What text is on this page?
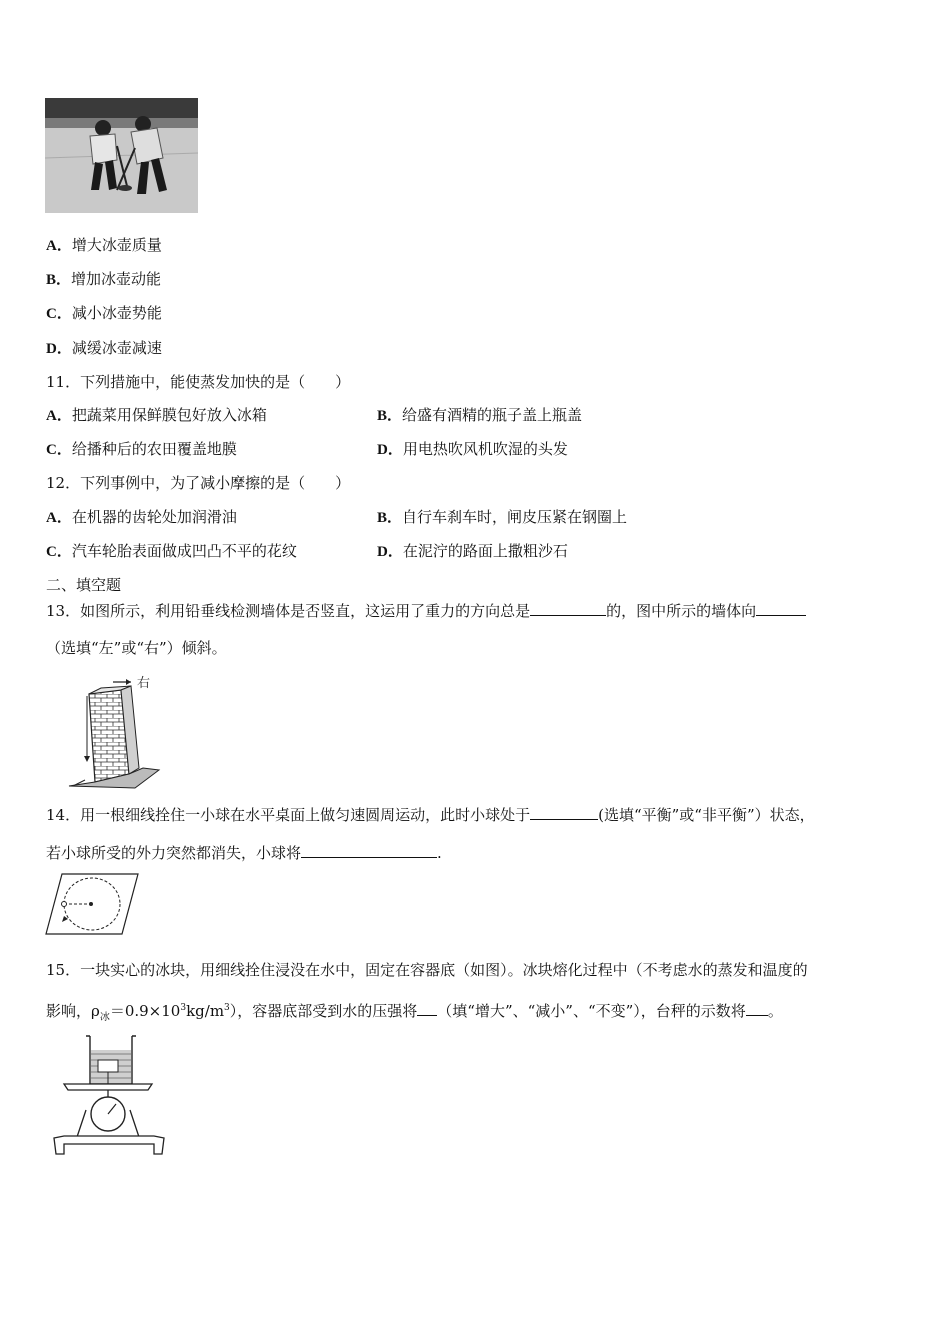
A．增大冰壶质量
B．增加冰壶动能
C．减小冰壶势能
D．减缓冰壶减速
11．下列措施中，能使蒸发加快的是（　　）
A．把蔬菜用保鲜膜包好放入冰箱	B．给盛有酒精的瓶子盖上瓶盖
C．给播种后的农田覆盖地膜	D．用电热吹风机吹湿的头发
12．下列事例中，为了减小摩擦的是（　　）
A．在机器的齿轮处加润滑油	B．自行车刹车时，闸皮压紧在钢圈上
C．汽车轮胎表面做成凹凸不平的花纹	D．在泥泞的路面上撒粗沙石
二、填空题
13．如图所示，利用铅垂线检测墙体是否竖直，这运用了重力的方向总是	的，图中所示的墙体向
（选填“左”或“右”）倾斜。
右
14．用一根细线拴住一小球在水平桌面上做匀速圆周运动，此时小球处于	(选填“平衡”或“非平衡”）状态，
若小球所受的外力突然都消失，小球将	.
15．一块实心的冰块，用细线拴住浸没在水中，固定在容器底（如图）。冰块熔化过程中（不考虑水的蒸发和温度的
影响，$\rho_冰=0.9\times 10^3kg/m^3$），容器底部受到水的压强将 （填“增大”、“减小”、“不变”），台秤的示数将 。
